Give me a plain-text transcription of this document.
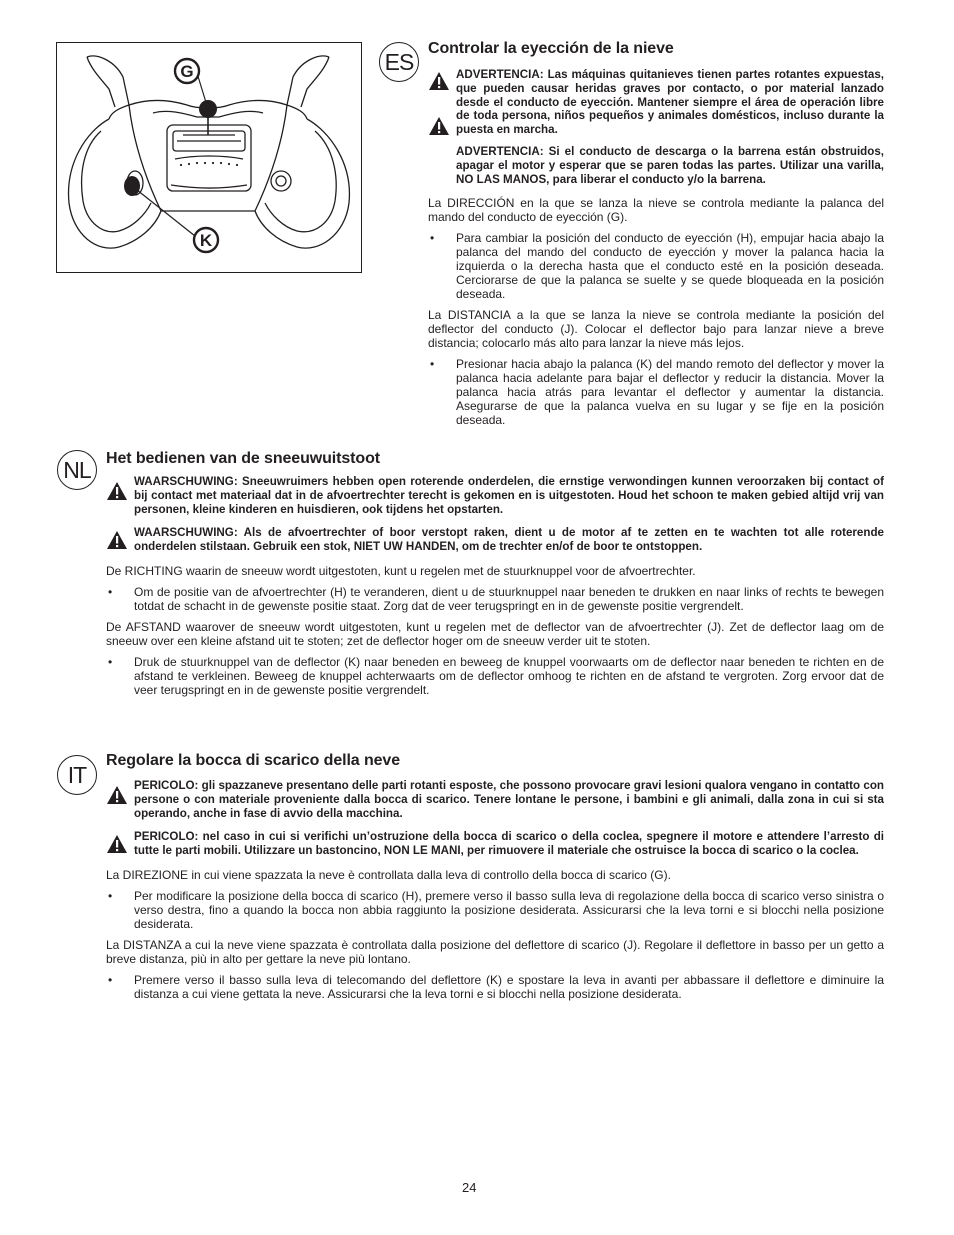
G
K
ES Controlar la eyección de la nieve
ADVERTENCIA: Las máquinas quitanieves tienen partes rotantes expuestas, que pueden causar heridas graves por contacto, o por material lanzado desde el conducto de eyección. Mantener siempre el área de operación libre de toda persona, niños pequeños y animales domésticos, incluso durante la puesta en marcha.
ADVERTENCIA: Si el conducto de descarga o la barrena están obstruidos, apagar el motor y esperar que se paren todas las partes. Utilizar una varilla, NO LAS MANOS, para liberar el conducto y/o la barrena.

La DIRECCIÓN en la que se lanza la nieve se controla mediante la palanca del mando del conducto de eyección (G).

• Para cambiar la posición del conducto de eyección (H), empujar hacia abajo la palanca del mando del conducto de eyección y mover la palanca hacia la izquierda o la derecha hasta que el conducto esté en la posición deseada. Cerciorarse de que la palanca se suelte y se quede bloqueada en la posición deseada.

La DISTANCIA a la que se lanza la nieve se controla mediante la posición del deflector del conducto (J). Colocar el deflector bajo para lanzar nieve a breve distancia; colocarlo más alto para lanzar la nieve más lejos.

• Presionar hacia abajo la palanca (K) del mando remoto del deflector y mover la palanca hacia adelante para bajar el deflector y reducir la distancia. Mover la palanca hacia atrás para levantar el deflector y aumentar la distancia. Asegurarse de que la palanca vuelva en su lugar y se fije en la posición deseada.
NL Het bedienen van de sneeuwuitstoot
WAARSCHUWING: Sneeuwruimers hebben open roterende onderdelen, die ernstige verwondingen kunnen veroorzaken bij contact of bij contact met materiaal dat in de afvoertrechter terecht is gekomen en is uitgestoten. Houd het schoon te maken gebied altijd vrij van personen, kleine kinderen en huisdieren, ook tijdens het opstarten.
WAARSCHUWING: Als de afvoertrechter of boor verstopt raken, dient u de motor af te zetten en te wachten tot alle roterende onderdelen stilstaan. Gebruik een stok, NIET UW HANDEN, om de trechter en/of de boor te ontstoppen.

De RICHTING waarin de sneeuw wordt uitgestoten, kunt u regelen met de stuurknuppel voor de afvoertrechter.

• Om de positie van de afvoertrechter (H) te veranderen, dient u de stuurknuppel naar beneden te drukken en naar links of rechts te bewegen totdat de schacht in de gewenste positie staat. Zorg dat de veer terugspringt en in de gewenste positie vergrendelt.

De AFSTAND waarover de sneeuw wordt uitgestoten, kunt u regelen met de deflector van de afvoertrechter (J). Zet de deflector laag om de sneeuw over een kleine afstand uit te stoten; zet de deflector hoger om de sneeuw verder uit te stoten.

• Druk de stuurknuppel van de deflector (K) naar beneden en beweeg de knuppel voorwaarts om de deflector naar beneden te richten en de afstand te verkleinen. Beweeg de knuppel achterwaarts om de deflector omhoog te richten en de afstand te vergroten. Zorg ervoor dat de veer terugspringt en in de gewenste positie vergrendelt.
IT
Regolare la bocca di scarico della neve
PERICOLO: gli spazzaneve presentano delle parti rotanti esposte, che possono provocare gravi lesioni qualora vengano in contatto con persone o con materiale proveniente dalla bocca di scarico. Tenere lontane le persone, i bambini e gli animali, dalla zona in cui si sta operando, anche in fase di avvio della macchina.
PERICOLO: nel caso in cui si verifichi un’ostruzione della bocca di scarico o della coclea, spegnere il motore e attendere l’arresto di tutte le parti mobili. Utilizzare un bastoncino, NON LE MANI, per rimuovere il materiale che ostruisce la bocca di scarico o la coclea.

La DIREZIONE in cui viene spazzata la neve è controllata dalla leva di controllo della bocca di scarico (G).

• Per modificare la posizione della bocca di scarico (H), premere verso il basso sulla leva di regolazione della bocca di scarico verso sinistra o verso destra, fino a quando la bocca non abbia raggiunto la posizione desiderata. Assicurarsi che la leva torni e si blocchi nella posizione desiderata.

La DISTANZA a cui la neve viene spazzata è controllata dalla posizione del deflettore di scarico (J). Regolare il deflettore in basso per un getto a breve distanza, più in alto per gettare la neve più lontano.

• Premere verso il basso sulla leva di telecomando del deflettore (K) e spostare la leva in avanti per abbassare il deflettore e diminuire la distanza a cui viene gettata la neve. Assicurarsi che la leva torni e si blocchi nella posizione desiderata.
24
